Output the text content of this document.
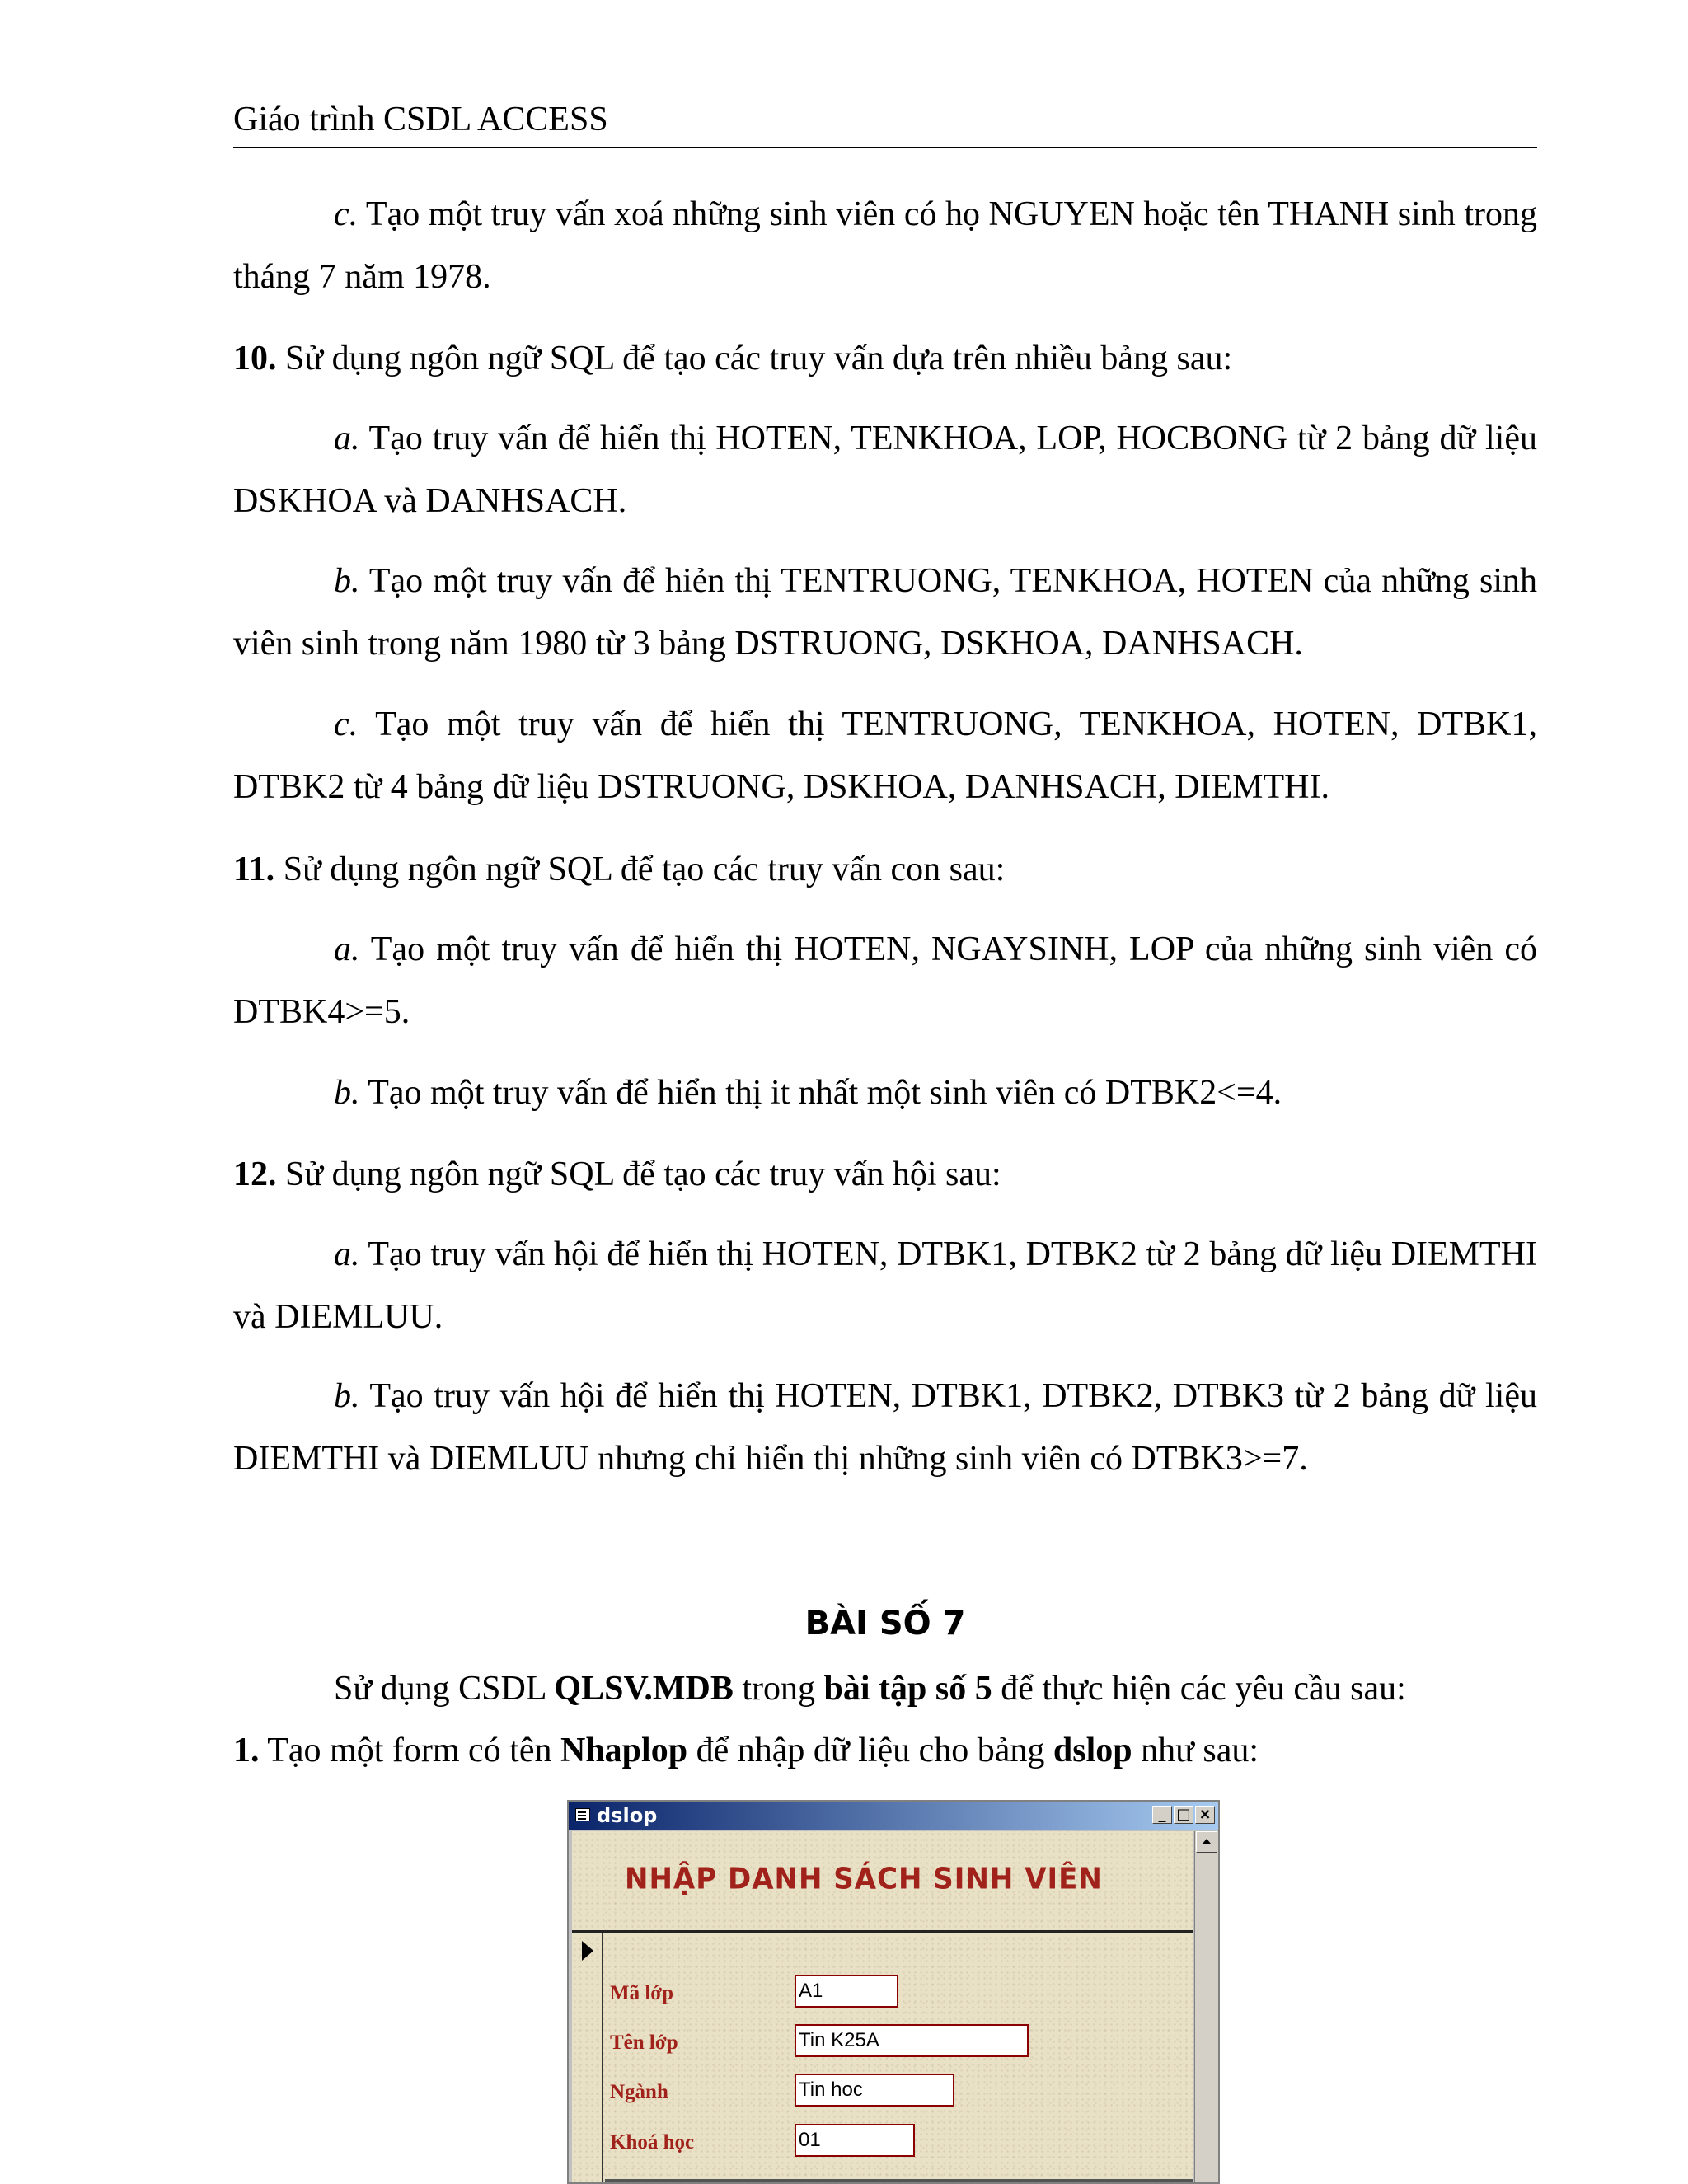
Giáo trình CSDL ACCESS

c. Tạo một truy vấn xoá những sinh viên có họ NGUYEN hoặc tên THANH sinh trong tháng 7 năm 1978.

10. Sử dụng ngôn ngữ SQL để tạo các truy vấn dựa trên nhiều bảng sau:

a. Tạo truy vấn để hiển thị HOTEN, TENKHOA, LOP, HOCBONG từ 2 bảng dữ liệu DSKHOA và DANHSACH.

b. Tạo một truy vấn để hiẻn thị TENTRUONG, TENKHOA, HOTEN của những sinh viên sinh trong năm 1980 từ 3 bảng DSTRUONG, DSKHOA, DANHSACH.

c. Tạo một truy vấn để hiển thị TENTRUONG, TENKHOA, HOTEN, DTBK1, DTBK2 từ 4 bảng dữ liệu DSTRUONG, DSKHOA, DANHSACH, DIEMTHI.

11. Sử dụng ngôn ngữ SQL để tạo các truy vấn con sau:

a. Tạo một truy vấn để hiển thị HOTEN, NGAYSINH, LOP của những sinh viên có DTBK4>=5.

b. Tạo một truy vấn để hiển thị it nhất một sinh viên có DTBK2<=4.

12. Sử dụng ngôn ngữ SQL để tạo các truy vấn hội sau:

a. Tạo truy vấn hội để hiển thị HOTEN, DTBK1, DTBK2 từ 2 bảng dữ liệu DIEMTHI và DIEMLUU.

b. Tạo truy vấn hội để hiển thị HOTEN, DTBK1, DTBK2, DTBK3 từ 2 bảng dữ liệu DIEMTHI và DIEMLUU nhưng chỉ hiển thị những sinh viên có DTBK3>=7.

BÀI SỐ 7

Sử dụng CSDL QLSV.MDB trong bài tập số 5 để thực hiện các yêu cầu sau:

1. Tạo một form có tên Nhaplop để nhập dữ liệu cho bảng dslop như sau:

dslop	_ □ ×
NHẬP DANH SÁCH SINH VIÊN
Mã lớp	A1
Tên lớp	Tin K25A
Ngành	Tin hoc
Khoá học	01
